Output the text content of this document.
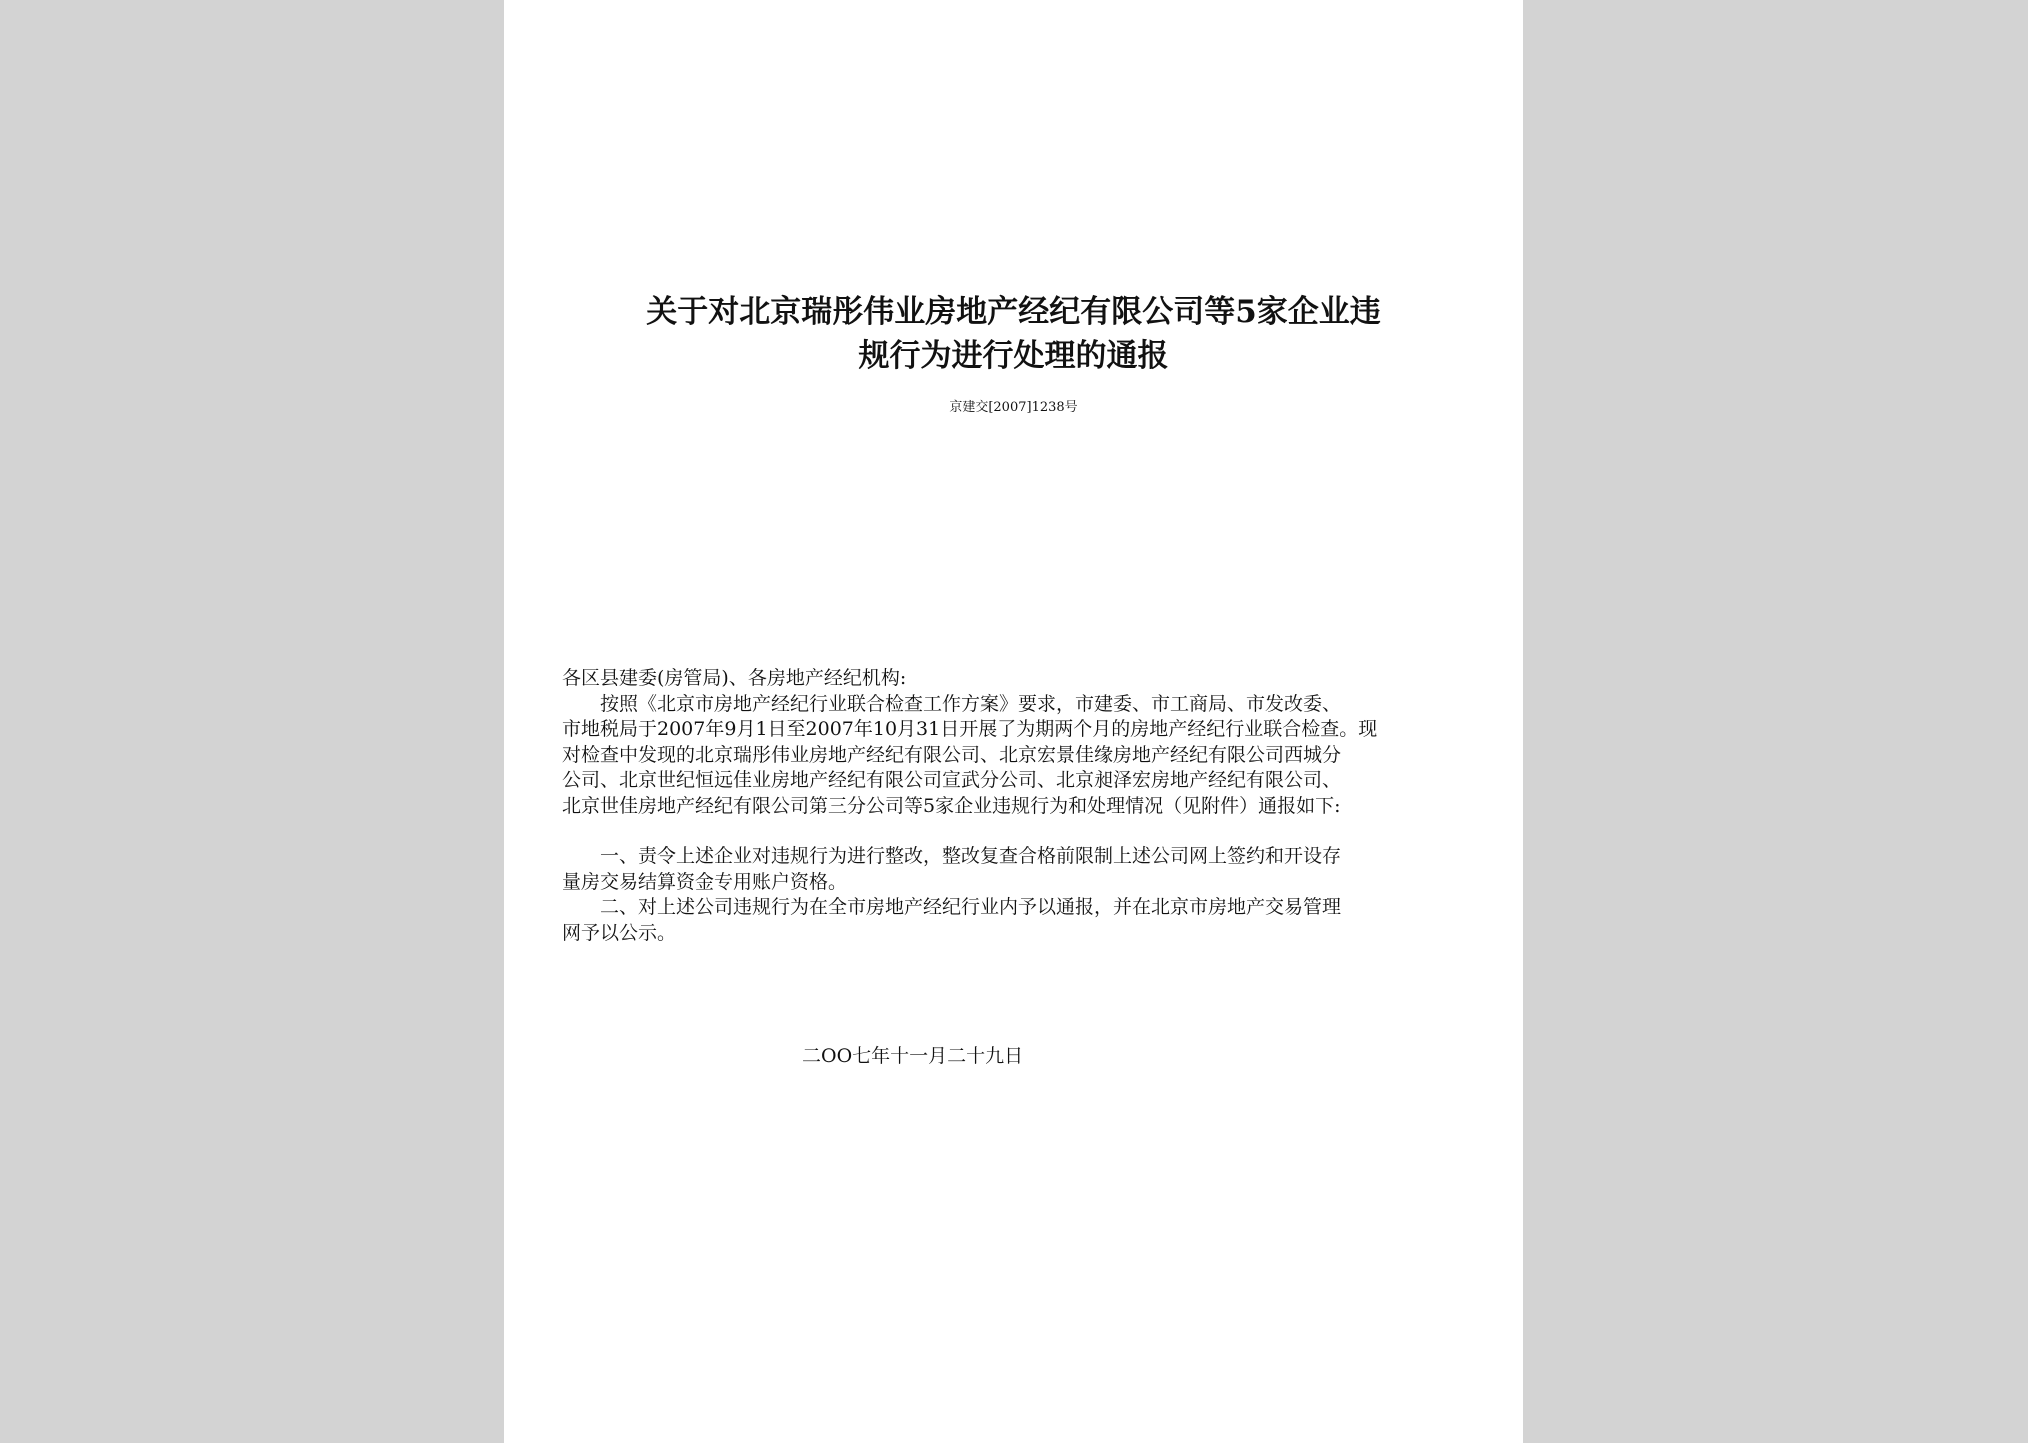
关于对北京瑞彤伟业房地产经纪有限公司等5家企业违
规行为进行处理的通报
京建交[2007]1238号
各区县建委(房管局)、各房地产经纪机构:
　　按照《北京市房地产经纪行业联合检查工作方案》要求，市建委、市工商局、市发改委、
市地税局于2007年9月1日至2007年10月31日开展了为期两个月的房地产经纪行业联合检查。现
对检查中发现的北京瑞彤伟业房地产经纪有限公司、北京宏景佳缘房地产经纪有限公司西城分
公司、北京世纪恒远佳业房地产经纪有限公司宣武分公司、北京昶泽宏房地产经纪有限公司、
北京世佳房地产经纪有限公司第三分公司等5家企业违规行为和处理情况（见附件）通报如下:
　　一、责令上述企业对违规行为进行整改，整改复查合格前限制上述公司网上签约和开设存
量房交易结算资金专用账户资格。
　　二、对上述公司违规行为在全市房地产经纪行业内予以通报，并在北京市房地产交易管理
网予以公示。
二OO七年十一月二十九日
